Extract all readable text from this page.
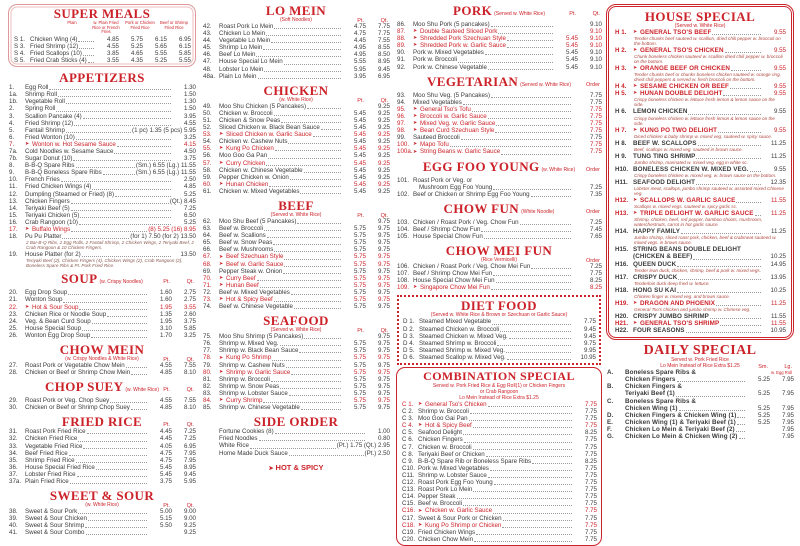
SUPER MEALS
Plain	w. Plain Fried Rice or French Fries
Pork or Chicken Fried Rice
Beef or Shrimp Fried Rice
S 1. Chicken Wing (4)	4.85	5.75	6.15	6.95
S 3. Fried Shrimp (12)	4.55	5.25	5.65	6.15
S 4. Fried Scallops (10)	3.85	4.65	5.55	5.85
S 5. Fried Crab Sticks (4)	3.55	4.35	5.25	5.55
APPETIZERS
1.	Egg Roll	1.30
1a.	Shrimp Roll	1.50
1b.	Vegetable Roll	1.30
2.	Spring Roll	1.50
3.	Scallion Pancake (4)	3.95
4.	Fried Shrimp (12)	4.55
5.	Fantail Shrimp	(1 pc) 1.35 (5 pcs) 5.95
6.	Fried Wonton (10)	3.25
7.	➤ Wonton w. Hot Sesame Sauce	4.15
7a.	Cold Noodles w. Sesame Sauce	4.50
7b.	Sugar Donut (10)	3.75
8.	B-B-Q Spare Ribs	(Sm.) 6.55 (Lg.) 11.55
9.	B-B-Q Boneless Spare Ribs	(Sm.) 6.55 (Lg.) 11.55
10.	French Fries	2.50
11.	Fried Chicken Wings (4)	4.85
12.	Dumpling (Steamed or Fried) (8)	5.25
13.	Chicken Fingers	(Qt.) 8.45
14.	Teriyaki Beef (5)	7.25
15.	Teriyaki Chicken (5)	6.50
16.	Crab Rangoon (10)	5.25
17.	➤ Buffalo Wings	(8) 5.25 (16) 8.95
18.	Pu Pu Platter	(for 1) 7.50 (for 2) 13.50
2 Bar-B-Q Ribs, 2 Egg Rolls, 2 Fantail Shrimp, 2 Chicken Wings, 2 Teriyaki Beef, 2 Crab Rangoon & 10 Chicken Fingers.
19.	House Platter (for 2)	13.50
Teriyaki Beef (2), Chicken Fingers (4), Chicken Wings (2), Crab Rangoon (2), Boneless Spare Ribs & Pt. Pork Fried Rice.
SOUP (w. Crispy Noodles)	Pt.	Qt.
20.	Egg Drop Soup	1.60	2.75
21.	Wonton Soup	1.60	2.75
22.	➤ Hot & Sour Soup	1.95	3.55
23.	Chicken Rice or Noodle Soup	1.35	2.60
24.	Veg. & Bean Curd Soup	1.95	3.75
25.	House Special Soup	3.10	5.85
26.	Wonton Egg Drop Soup	1.70	3.25
CHOW MEIN
(w. Crispy Noodles & White Rice)	Pt.	Qt.
27.	Roast Pork or Vegetable Chow Mein	4.55	7.55
28.	Chicken or Beef or Shrimp Chow Mein	4.85	8.10
CHOP SUEY (w. White Rice) Pt.	Qt.
29.	Roast Pork or Veg. Chop Suey	4.55	7.55
30.	Chicken or Beef or Shrimp Chop Suey	4.85	8.10
FRIED RICE	Pt.	Qt.
31.	Roast Pork Fried Rice	4.45	7.25
32.	Chicken Fried Rice	4.45	7.25
33.	Vegetable Fried Rice	4.05	6.95
34.	Beef Fried Rice	4.75	7.95
35.	Shrimp Fried Rice	4.75	7.95
36.	House Special Fried Rice	5.45	8.95
37.	Lobster Fried Rice	5.45	9.45
37a. Plain Fried Rice	3.75	5.95
SWEET & SOUR
(w. White Rice)	Pt.	Qt.
38.	Sweet & Sour Pork	5.00	9.00
39.	Sweet & Sour Chicken	5.15	9.00
40.	Sweet & Sour Shrimp	5.50	9.25
41.	Sweet & Sour Combo	9.25
LO MEIN
(Soft Noodles)	Pt.	Qt.
42.	Roast Pork Lo Mein	4.75	7.75
43.	Chicken Lo Mein	4.75	7.75
44.	Vegetable Lo Mein	4.45	7.55
45.	Shrimp Lo Mein	4.95	8.55
46.	Beef Lo Mein	4.95	8.50
47.	House Special Lo Mein	5.55	8.95
48.	Lobster Lo Mein	5.95	9.45
48a. Plain Lo Mein	3.95	6.95
CHICKEN
(w. White Rice)	Pt.	Qt.
49.	Moo Shu Chicken (5 Pancakes)	9.25
50.	Chicken w. Broccoli	5.45	9.25
51.	Chicken & Snow Peas	5.45	9.25
52.	Sliced Chicken w. Black Bean Sauce	5.45	9.25
53.	➤ Sliced Chicken w. Garlic Sauce	5.45	9.25
54.	Chicken w. Cashew Nuts	5.45	9.25
55.	➤ Kung Po Chicken	5.45	9.25
56.	Moo Goo Ga Pan	5.45	9.25
57.	➤ Curry Chicken	5.45	9.25
58.	Chicken w. Chinese Vegetable	5.45	9.25
59.	Pepper Chicken w. Onion	5.45	9.25
60.	➤ Hunan Chicken	5.45	9.25
61.	Chicken w. Mixed Vegetables	5.45	9.25
BEEF
(Served w. White Rice)	Pt.	Qt.
62.	Moo Shu Beef (5 Pancakes)	9.75
63.	Beef w. Broccoli	5.75	9.75
64.	Beef w. Scallions	5.75	9.75
65.	Beef w. Snow Peas	5.75	9.75
66.	Beef w. Mushrooms	5.75	9.75
67.	➤ Beef Szechuan Style	5.75	9.75
68.	➤ Beef w. Garlic Sauce	5.75	9.75
69.	Pepper Steak w. Onion	5.75	9.75
70.	➤ Curry Beef	5.75	9.75
71.	➤ Hunan Beef	5.75	9.75
72.	Beef w. Mixed Vegetables	5.75	9.75
73.	➤ Hot & Spicy Beef	5.75	9.75
74.	Beef w. Chinese Vegetable	5.75	9.75
SEAFOOD
(Served w. White Rice)	Pt.	Qt.
75.	Moo Shu Shrimp (5 Pancakes)	9.75
76.	Shrimp w. Mixed Veg.	5.75	9.75
77.	Shrimp w. Black Bean Sauce	5.75	9.75
78.	➤ Kung Po Shrimp	5.75	9.75
79.	Shrimp w. Cashew Nuts	5.75	9.75
80.	➤ Shrimp w. Garlic Sauce	5.75	9.75
81.	Shrimp w. Broccoli	5.75	9.75
82.	Shrimp w. Snow Peas	5.75	9.75
83.	Shrimp w. Lobster Sauce	5.75	9.75
84.	➤ Curry Shrimp	5.75	9.75
85.	Shrimp w. Chinese Vegetable	5.75	9.75
SIDE ORDER
Fortune Cookies (8)	1.00
Fried Noodles	0.80
White Rice	(Pt.) 1.75 (Qt.) 2.95
Home Made Duck Sauce	(Pt.) 2.50
➤ HOT & SPICY
PORK (Served w. White Rice)	Pt.	Qt.
86.	Moo Shu Pork (5 pancakes)	9.10
87.	➤ Double Sauteed Sliced Pork	9.10
88.	➤ Shredded Pork Szechuan Style	5.45	9.10
89.	➤ Shredded Pork w. Garlic Sauce	5.45	9.10
90.	Pork w. Mixed Vegetables	5.45	9.10
91.	Pork w. Broccoli	5.45	9.10
92.	Pork w. Chinese Vegetable	5.45	9.10
VEGETARIAN (Served w. White Rice)	Order
93.	Moo Shu Veg. (5 Pancakes)	7.75
94.	Mixed Vegetables	7.75
95.	➤ General Tso's Tofu	7.75
96.	➤ Broccoli w. Garlic Sauce	7.75
97.	➤ Mixed Veg. w. Garlic Sauce	7.75
98.	➤ Bean Curd Szechuan Style	7.75
99.	Sauteed Broccoli	7.75
100. ➤ Mapo Tofu	7.75
100a. ➤ String Beans w. Garlic Sauce	7.75
EGG FOO YOUNG (w. White Rice)	Order
101. Roast Pork or Veg. or
Mushroom Egg Foo Young	7.25
102. Beef or Chicken or Shrimp Egg Foo Young	7.35
CHOW FUN (White Noodle)	Order
103. Chicken / Roast Pork / Veg. Chow Fun	7.25
104. Beef / Shrimp Chow Fun	7.45
105. House Special Chow Fun	7.65
CHOW MEI FUN
(Rice Vermicelli)	Order
106. Chicken / Roast Pork / Veg. Chow Mei Fun	7.25
107. Beef / Shrimp Chow Mei Fun	7.75
108. House Special Chow Mei Fun	8.25
109. ➤ Singapore Chow Mei Fun	8.25
DIET FOOD
(Served w. White Rice & Brown or Szechuan or Garlic Sauce)
D 1. Steamed Mixed Vegetable	7.75
D 2. Steamed Chicken w. Broccoli	9.45
D 3. Steamed Chicken w. Mixed Veg.	9.45
D 4. Steamed Shrimp w. Broccoli	9.75
D 5. Steamed Shrimp w. Mixed Veg.	9.95
D 6. Steamed Scallop w. Mixed Veg.	10.95
COMBINATION SPECIAL
Served w. Pork Fried Rice & Egg Roll(1) or Chicken Fingers
or Crab Rangoon
Lo Mein Instead of Rice Extra $1.25
C 1. ➤ General Tso's Chicken	7.75
C 2. Shrimp w. Broccoli	7.75
C 3. Moo Goo Gai Pan	7.75
C 4. ➤ Hot & Spicy Beef	7.75
C 5. Seafood Delight	8.25
C 6. Chicken Fingers	7.75
C 7. Chicken w. Broccoli	7.75
C 8. Teriyaki Beef or Chicken	7.75
C 9. B-B-Q Spare Rib or Boneless Spare Ribs	8.25
C10. Pork w. Mixed Vegetables	7.75
C11. Shrimp w. Lobster Sauce	7.75
C12. Roast Pork Egg Foo Young	7.75
C13. Roast Pork Lo Mein	7.75
C14. Pepper Steak	7.75
C15. Beef w. Broccoli	7.75
C16. ➤ Chicken w. Garlic Sauce	7.75
C17. Sweet & Sour Pork or Chicken	7.75
C18. ➤ Kung Po Shrimp or Chicken	7.75
C19. Fried Chicken Wings	7.75
C20. Chicken Chow Mein	7.75
HOUSE SPECIAL
(Served w. White Rice)
H 1.	➤ GENERAL TSO'S BEEF	9.55
Tender chunks beef sauteed w. scallion, dried chili pepper w. broccoli on the bottom.
H 2.	➤ GENERAL TSO'S CHICKEN	9.55
Chunk boneless chicken sauteed w. scallion dried chili pepper w. broccoli on the bottom.
H 3.	➤ ORANGE BEEF OR CHICKEN	9.55
Tender chunks beef or chunks boneless chicken sauteed w. orange ring, dried chili peppers & served w. fresh broccoli on the bottom.
H 4.	➤ SESAME CHICKEN OR BEEF	9.55
H 5.	➤ HUNAN DOUBLE DELIGHT	9.55
Crispy boneless chicken w. lettuce fresh lemon & lemon sauce on the side.
H 6.	LEMON CHICKEN	9.55
Crispy boneless chicken w. lettuce fresh lemon & lemon sauce on the side.
H 7.	➤ KUNG PO TWO DELIGHT	9.55
Diced chicken & baby shrimp w. mixed veg. sauteed w. spicy sauce.
H 8.	BEEF W. SCALLOPS	11.25
Beef, scallops w. mixed veg. sauteed in brown sauce.
H 9.	TUNG TING SHRIMP	11.25
Jumbo shrimp, marinated w. mixed veg. egg in white sc.
H10. BONELESS CHICKEN W. MIXED VEG.	9.55
Crispy boneless chicken w. mixed veg. w. brown sauce on the bottom.
H11. SEAFOOD DELIGHT	12.35
Lobster meat, scallops, jumbo shrimp sauteed w. assorted mixed Chinese veg.
H12. ➤ SCALLOPS W. GARLIC SAUCE	11.55
Scallops w. mixed vegs. sauteed w. spicy garlic sc.
H13. ➤ TRIPLE DELIGHT W. GARLIC SAUCE	11.25
Shrimp, chicken, beef, red pepper, bamboo shoots, mushroom, waterchestnuts, carrot in hot garlic sauce.
H14. HAPPY FAMILY	11.25
Jumbo shrimp, sliced roast pork, chicken, beef & crabmeat sauteed w. mixed vegs. in brown sauce.
H15. STRING BEANS DOUBLE DELIGHT
(CHICKEN & BEEF)	10.25
H16. QUEEN DUCK	14.95
Tender lean duck, chicken, shrimp, beef & pork w. mixed vegs.
H17. CRISPY DUCK	13.95
Tenderloin duck deep fried w. lettuce.
H18. HONG SU KAI	10.25
Chicken finger w. mixed veg. and brown sauce.
H19. ➤ DRAGON AND PHOENIX	11.25
General Tso's chicken and jumbo shrimp w. Chinese veg.
H20. CRISPY JUMBO SHRIMP	11.55
H21. ➤ GENERAL TSO'S SHRIMP	11.55
H22. FOUR SEASONS	10.95
DAILY SPECIAL
Served w. Pork Fried Rice
Lo Mein Instead of Rice Extra $1.25	Sm.	Lg.
w. Egg Roll
A.	Boneless Spare Ribs &
Chicken Fingers	5.25	7.95
B.	Chicken Fingers &
Teriyaki Beef (1)	5.25	7.95
C.	Boneless Spare Ribs &
Chicken Wing (1)	5.25	7.95
D.	Chicken Fingers & Chicken Wing (1)	5.25	7.95
E.	Chicken Wing (1) & Teriyaki Beef (1)	5.25	7.95
F.	Chicken Lo Mein & Teriyaki Beef (2)	7.95
G.	Chicken Lo Mein & Chicken Wing (2)	7.95
